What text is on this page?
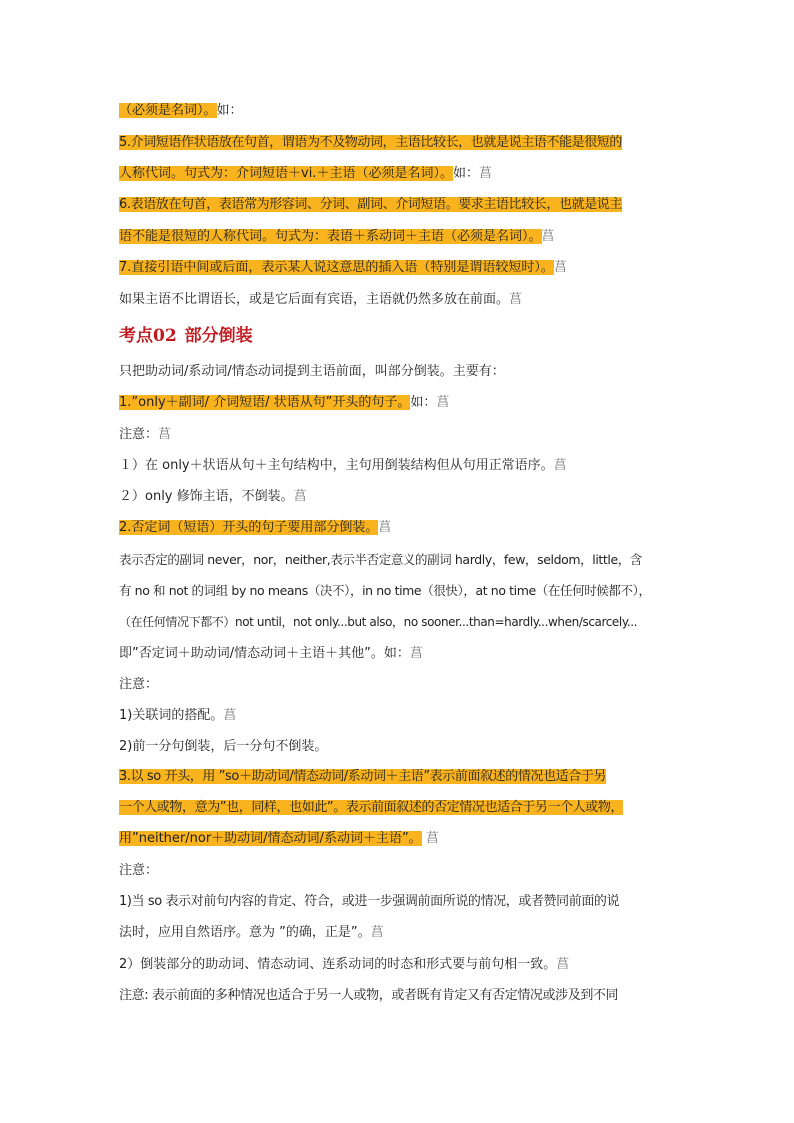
（必须是名词）。如：
5.介词短语作状语放在句首，谓语为不及物动词，主语比较长，也就是说主语不能是很短的
人称代词。句式为：介词短语＋vi.＋主语（必须是名词）。如：菖
6.表语放在句首，表语常为形容词、分词、副词、介词短语。要求主语比较长，也就是说主
语不能是很短的人称代词。句式为：表语＋系动词＋主语（必须是名词）。菖
7.直接引语中间或后面，表示某人说这意思的插入语（特别是谓语较短时）。菖
如果主语不比谓语长，或是它后面有宾语，主语就仍然多放在前面。菖
考点02 部分倒装
只把助动词/系动词/情态动词提到主语前面，叫部分倒装。主要有：
1.”only＋副词/ 介词短语/ 状语从句”开头的句子。如：菖
注意：菖
１）在 only＋状语从句＋主句结构中，主句用倒装结构但从句用正常语序。菖
２）only 修饰主语，不倒装。菖
2.否定词（短语）开头的句子要用部分倒装。菖
表示否定的副词 never，nor，neither,表示半否定意义的副词 hardly，few，seldom，little，含
有 no 和 not 的词组 by no means（决不），in no time（很快），at no time（在任何时候都不），
（在任何情况下都不）not until，not only...but also，no sooner...than=hardly...when/scarcely...
即”否定词＋助动词/情态动词＋主语＋其他”。如：菖
注意：
1)关联词的搭配。菖
2)前一分句倒装，后一分句不倒装。
3.以 so 开头，用 ”so＋助动词/情态动词/系动词＋主语”表示前面叙述的情况也适合于另
一个人或物，意为”也，同样，也如此”。表示前面叙述的否定情况也适合于另一个人或物，
用”neither/nor＋助动词/情态动词/系动词＋主语”。 菖
注意：
1)当 so 表示对前句内容的肯定、符合，或进一步强调前面所说的情况，或者赞同前面的说
法时，应用自然语序。意为 ”的确，正是”。菖
2）倒装部分的助动词、情态动词、连系动词的时态和形式要与前句相一致。菖
注意: 表示前面的多种情况也适合于另一人或物，或者既有肯定又有否定情况或涉及到不同
